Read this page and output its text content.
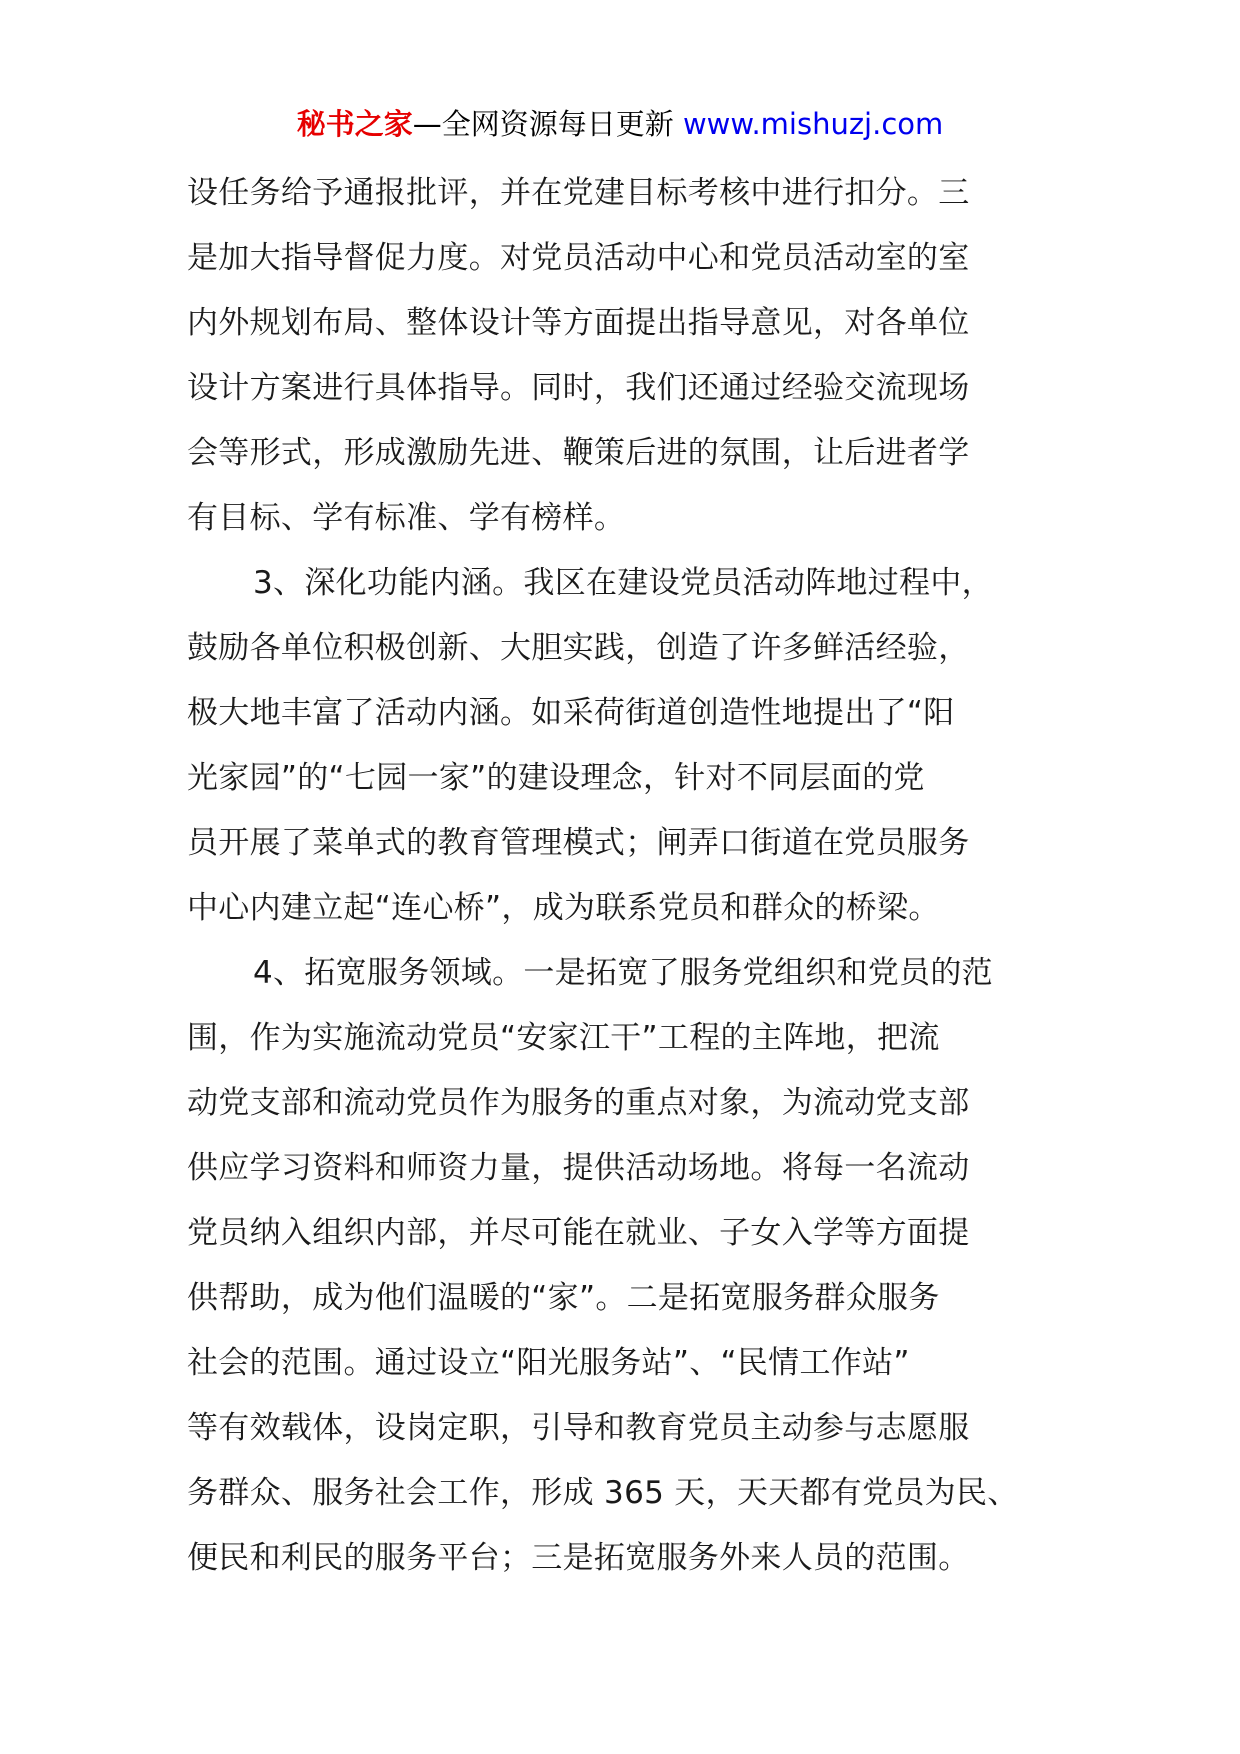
秘书之家—全网资源每日更新 www.mishuzj.com
设任务给予通报批评，并在党建目标考核中进行扣分。三
是加大指导督促力度。对党员活动中心和党员活动室的室
内外规划布局、整体设计等方面提出指导意见，对各单位
设计方案进行具体指导。同时，我们还通过经验交流现场
会等形式，形成激励先进、鞭策后进的氛围，让后进者学
有目标、学有标准、学有榜样。
3、深化功能内涵。我区在建设党员活动阵地过程中，
鼓励各单位积极创新、大胆实践，创造了许多鲜活经验，
极大地丰富了活动内涵。如采荷街道创造性地提出了“阳
光家园”的“七园一家”的建设理念，针对不同层面的党
员开展了菜单式的教育管理模式；闸弄口街道在党员服务
中心内建立起“连心桥”，成为联系党员和群众的桥梁。
4、拓宽服务领域。一是拓宽了服务党组织和党员的范
围，作为实施流动党员“安家江干”工程的主阵地，把流
动党支部和流动党员作为服务的重点对象，为流动党支部
供应学习资料和师资力量，提供活动场地。将每一名流动
党员纳入组织内部，并尽可能在就业、子女入学等方面提
供帮助，成为他们温暖的“家”。二是拓宽服务群众服务
社会的范围。通过设立“阳光服务站”、“民情工作站”
等有效载体，设岗定职，引导和教育党员主动参与志愿服
务群众、服务社会工作，形成 365 天，天天都有党员为民、
便民和利民的服务平台；三是拓宽服务外来人员的范围。
